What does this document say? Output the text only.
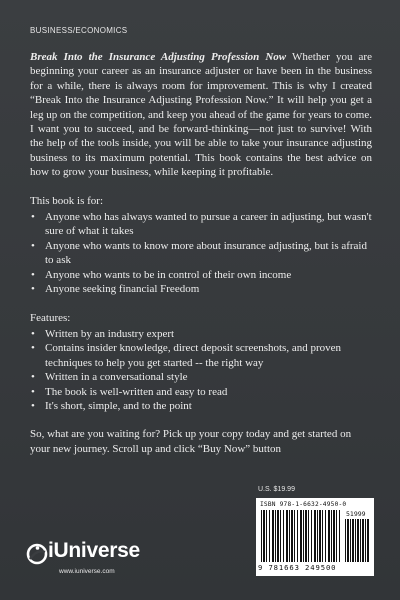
BUSINESS/ECONOMICS

Break Into the Insurance Adjusting Profession Now Whether you are beginning your career as an insurance adjuster or have been in the business for a while, there is always room for improvement. This is why I created “Break Into the Insurance Adjusting Profession Now.” It will help you get a leg up on the competition, and keep you ahead of the game for years to come. I want you to succeed, and be forward-thinking—not just to survive! With the help of the tools inside, you will be able to take your insurance adjusting business to its maximum potential. This book contains the best advice on how to grow your business, while keeping it profitable.

This book is for:

• Anyone who has always wanted to pursue a career in adjusting, but wasn't sure of what it takes
• Anyone who wants to know more about insurance adjusting, but is afraid to ask
• Anyone who wants to be in control of their own income
• Anyone seeking financial Freedom

Features:

• Written by an industry expert
• Contains insider knowledge, direct deposit screenshots, and proven techniques to help you get started -- the right way
• Written in a conversational style
• The book is well-written and easy to read
• It's short, simple, and to the point

So, what are you waiting for? Pick up your copy today and get started on your new journey. Scroll up and click “Buy Now” button

U.S. $19.99
ISBN 978-1-6632-4950-0
51999
9 781663 249500
iUniverse
www.iuniverse.com
